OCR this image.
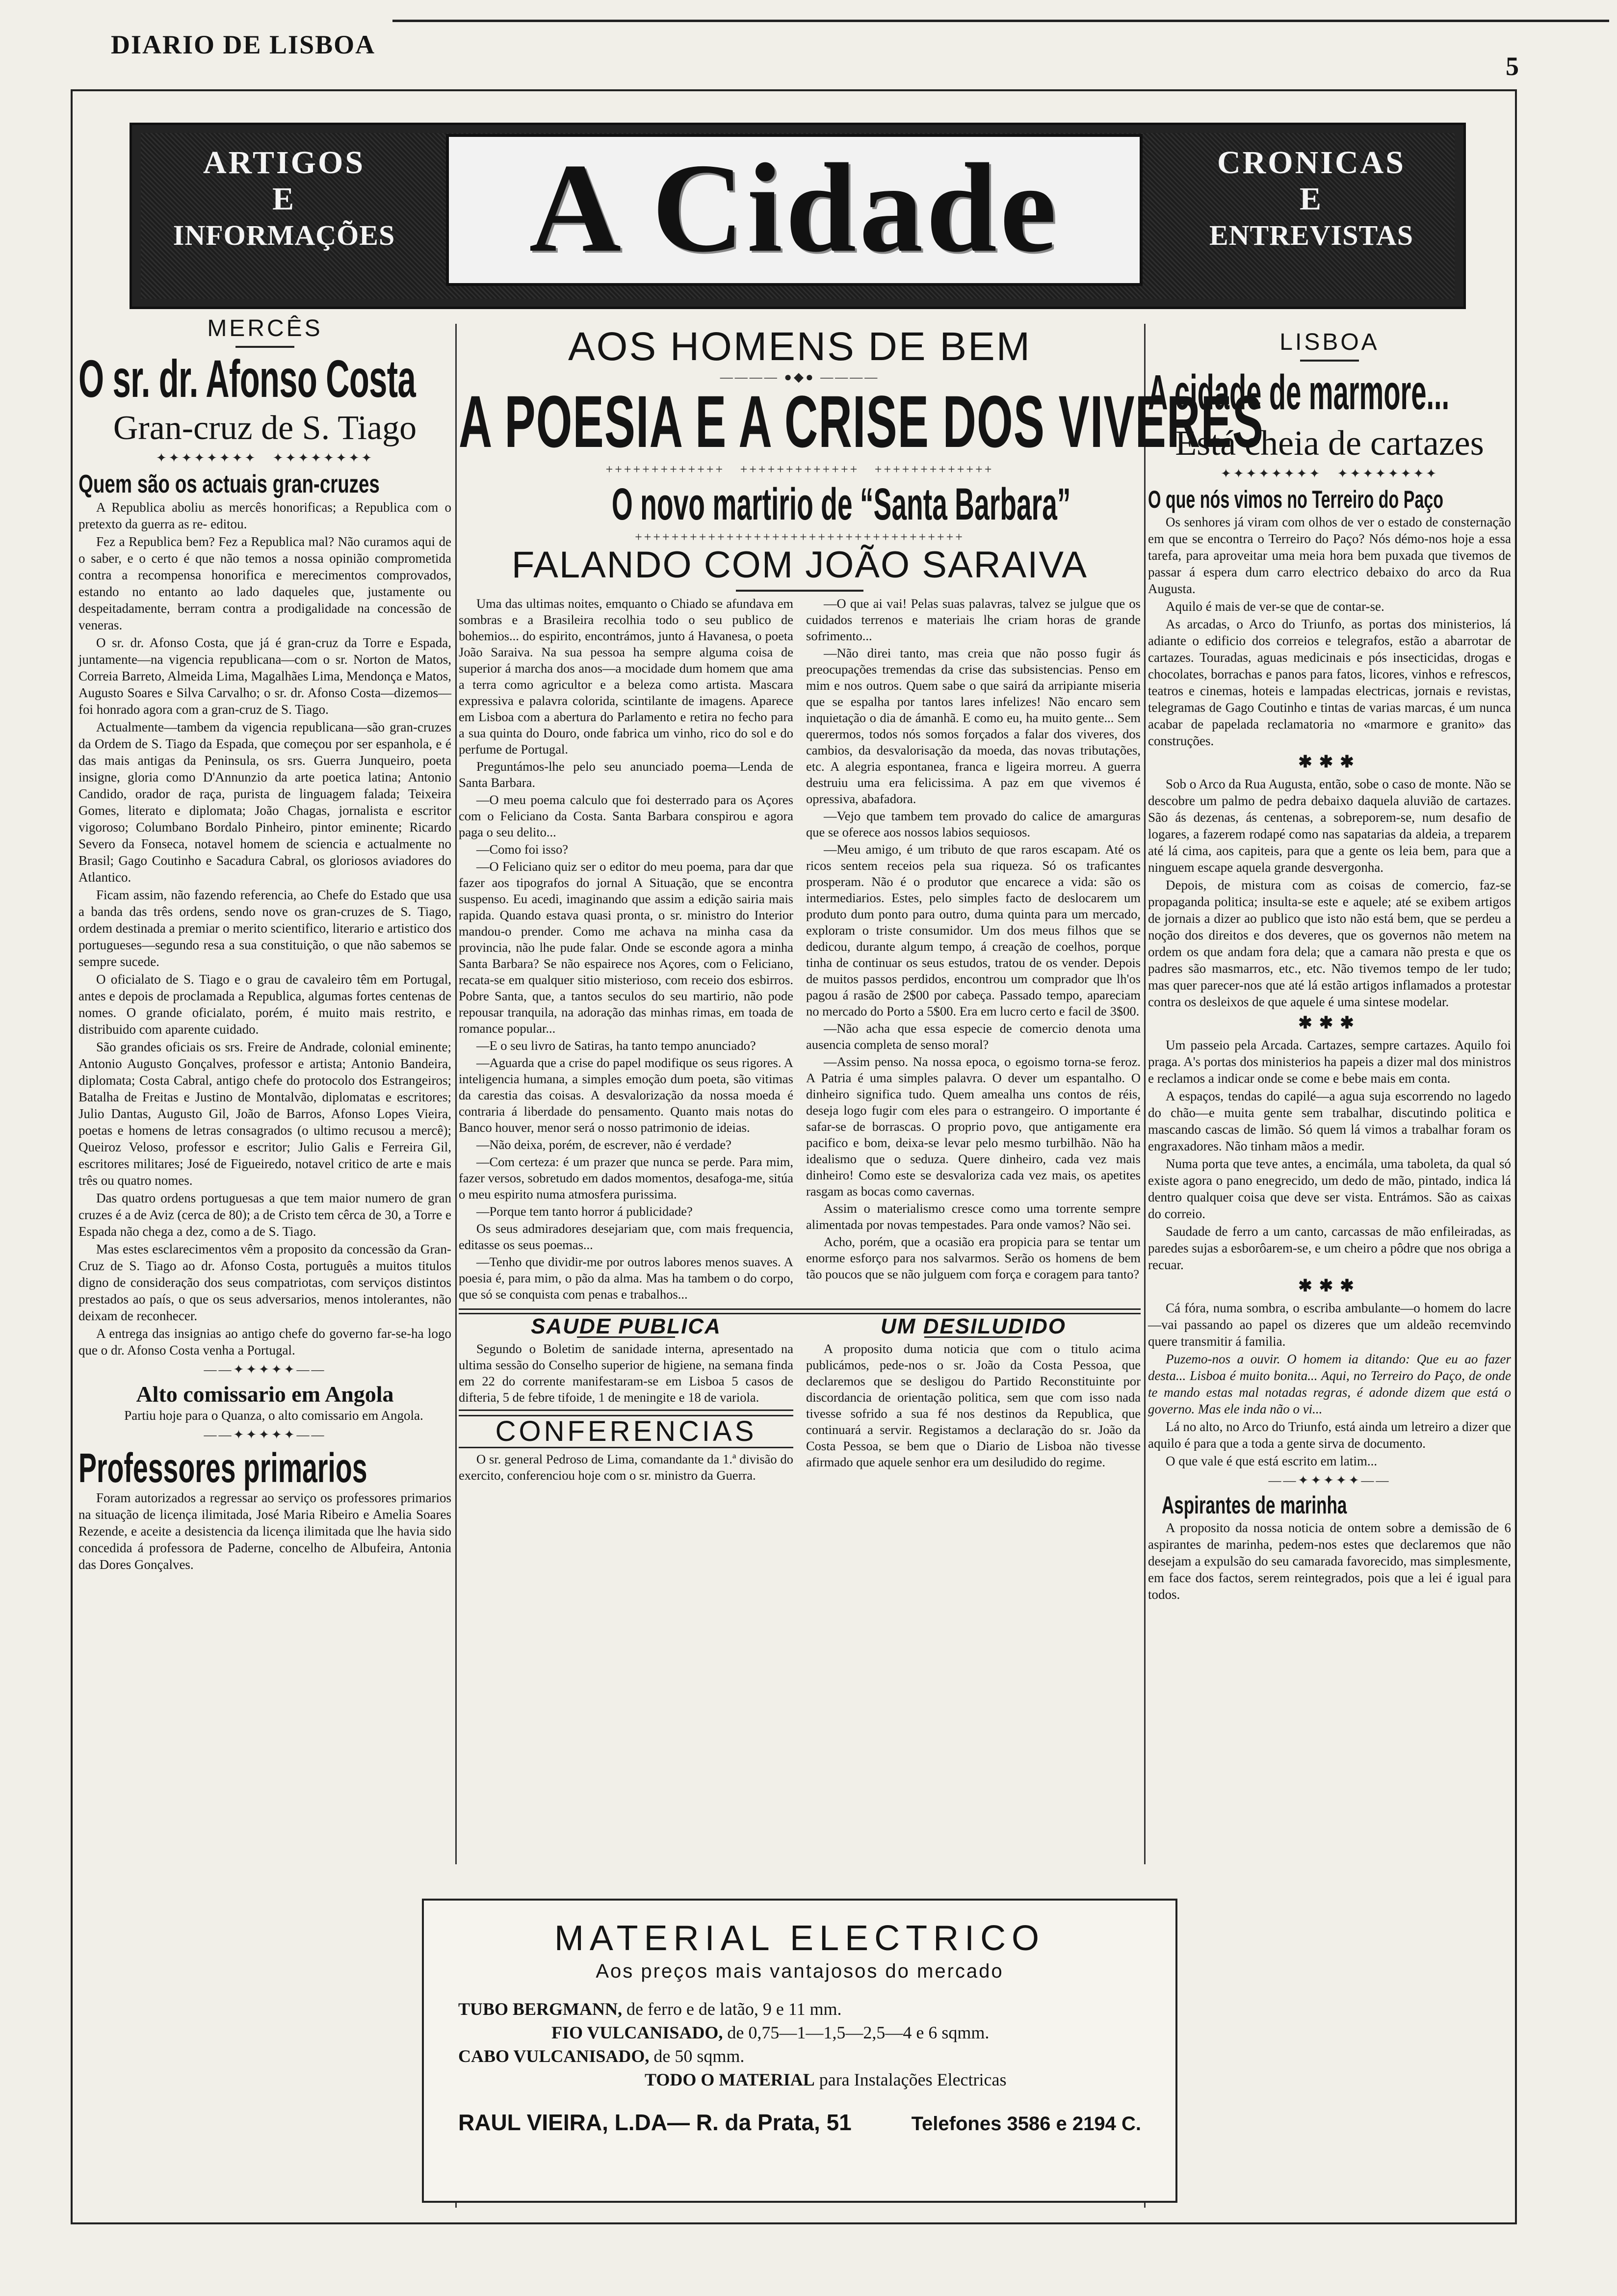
DIARIO DE LISBOA
5
ARTIGOS
E
INFORMAÇÕES	A Cidade	CRONICAS
E
ENTREVISTAS
MERCÊS
O sr. dr. Afonso Costa
Gran-cruz de S. Tiago
✦✦✦✦✦✦✦✦   ✦✦✦✦✦✦✦✦
Quem são os actuais gran-cruzes

A Republica aboliu as mercês honorificas; a Republica com o pretexto da guerra as re- editou.

Fez a Republica bem? Fez a Republica mal? Não curamos aqui de o saber, e o certo é que não temos a nossa opinião comprometida contra a recompensa honorifica e merecimentos comprovados, estando no entanto ao lado daqueles que, justamente ou despeitadamente, berram contra a prodigalidade na concessão de veneras.

O sr. dr. Afonso Costa, que já é gran-cruz da Torre e Espada, juntamente—na vigencia republicana—com o sr. Norton de Matos, Correia Barreto, Almeida Lima, Magalhães Lima, Mendonça e Matos, Augusto Soares e Silva Carvalho; o sr. dr. Afonso Costa—dizemos—foi honrado agora com a gran-cruz de S. Tiago.

Actualmente—tambem da vigencia republicana—são gran-cruzes da Ordem de S. Tiago da Espada, que começou por ser espanhola, e é das mais antigas da Peninsula, os srs. Guerra Junqueiro, poeta insigne, gloria como D'Annunzio da arte poetica latina; Antonio Candido, orador de raça, purista de linguagem falada; Teixeira Gomes, literato e diplomata; João Chagas, jornalista e escritor vigoroso; Columbano Bordalo Pinheiro, pintor eminente; Ricardo Severo da Fonseca, notavel homem de sciencia e actualmente no Brasil; Gago Coutinho e Sacadura Cabral, os gloriosos aviadores do Atlantico.

Ficam assim, não fazendo referencia, ao Chefe do Estado que usa a banda das três ordens, sendo nove os gran-cruzes de S. Tiago, ordem destinada a premiar o merito scientifico, literario e artistico dos portugueses—segundo resa a sua constituição, o que não sabemos se sempre sucede.

O oficialato de S. Tiago e o grau de cavaleiro têm em Portugal, antes e depois de proclamada a Republica, algumas fortes centenas de nomes. O grande oficialato, porém, é muito mais restrito, e distribuido com aparente cuidado.

São grandes oficiais os srs. Freire de Andrade, colonial eminente; Antonio Augusto Gonçalves, professor e artista; Antonio Bandeira, diplomata; Costa Cabral, antigo chefe do protocolo dos Estrangeiros; Batalha de Freitas e Justino de Montalvão, diplomatas e escritores; Julio Dantas, Augusto Gil, João de Barros, Afonso Lopes Vieira, poetas e homens de letras consagrados (o ultimo recusou a mercê); Queiroz Veloso, professor e escritor; Julio Galis e Ferreira Gil, escritores militares; José de Figueiredo, notavel critico de arte e mais três ou quatro nomes.

Das quatro ordens portuguesas a que tem maior numero de gran cruzes é a de Aviz (cerca de 80); a de Cristo tem cêrca de 30, a Torre e Espada não chega a dez, como a de S. Tiago.

Mas estes esclarecimentos vêm a proposito da concessão da Gran-Cruz de S. Tiago ao dr. Afonso Costa, português a muitos titulos digno de consideração dos seus compatriotas, com serviços distintos prestados ao país, o que os seus adversarios, menos intolerantes, não deixam de reconhecer.

A entrega das insignias ao antigo chefe do governo far-se-ha logo que o dr. Afonso Costa venha a Portugal.

——✦✦✦✦✦——
Alto comissario em Angola

Partiu hoje para o Quanza, o alto comissario em Angola.

——✦✦✦✦✦——
Professores primarios

Foram autorizados a regressar ao serviço os professores primarios na situação de licença ilimitada, José Maria Ribeiro e Amelia Soares Rezende, e aceite a desistencia da licença ilimitada que lhe havia sido concedida á professora de Paderne, concelho de Albufeira, Antonia das Dores Gonçalves.

AOS HOMENS DE BEM
———— ●◆● ————
A POESIA E A CRISE DOS VIVERES
+++++++++++++   +++++++++++++   +++++++++++++
O novo martirio de “Santa Barbara”
++++++++++++++++++++++++++++++++++++
FALANDO COM JOÃO SARAIVA

Uma das ultimas noites, emquanto o Chiado se afundava em sombras e a Brasileira recolhia todo o seu publico de bohemios... do espirito, encontrámos, junto á Havanesa, o poeta João Saraiva. Na sua pessoa ha sempre alguma coisa de superior á marcha dos anos—a mocidade dum homem que ama a terra como agricultor e a beleza como artista. Mascara expressiva e palavra colorida, scintilante de imagens. Aparece em Lisboa com a abertura do Parlamento e retira no fecho para a sua quinta do Douro, onde fabrica um vinho, rico do sol e do perfume de Portugal.

Preguntámos-lhe pelo seu anunciado poema—Lenda de Santa Barbara.

—O meu poema calculo que foi desterrado para os Açores com o Feliciano da Costa. Santa Barbara conspirou e agora paga o seu delito...

—Como foi isso?

—O Feliciano quiz ser o editor do meu poema, para dar que fazer aos tipografos do jornal A Situação, que se encontra suspenso. Eu acedi, imaginando que assim a edição sairia mais rapida. Quando estava quasi pronta, o sr. ministro do Interior mandou-o prender. Como me achava na minha casa da provincia, não lhe pude falar. Onde se esconde agora a minha Santa Barbara? Se não espairece nos Açores, com o Feliciano, recata-se em qualquer sitio misterioso, com receio dos esbirros. Pobre Santa, que, a tantos seculos do seu martirio, não pode repousar tranquila, na adoração das minhas rimas, em toada de romance popular...

—E o seu livro de Satiras, ha tanto tempo anunciado?

—Aguarda que a crise do papel modifique os seus rigores. A inteligencia humana, a simples emoção dum poeta, são vitimas da carestia das coisas. A desvalorização da nossa moeda é contraria á liberdade do pensamento. Quanto mais notas do Banco houver, menor será o nosso patrimonio de ideias.

—Não deixa, porém, de escrever, não é verdade?

—Com certeza: é um prazer que nunca se perde. Para mim, fazer versos, sobretudo em dados momentos, desafoga-me, sitúa o meu espirito numa atmosfera purissima.

—Porque tem tanto horror á publicidade?

Os seus admiradores desejariam que, com mais frequencia, editasse os seus poemas...

—Tenho que dividir-me por outros labores menos suaves. A poesia é, para mim, o pão da alma. Mas ha tambem o do corpo, que só se conquista com penas e trabalhos...

—O que ai vai! Pelas suas palavras, talvez se julgue que os cuidados terrenos e materiais lhe criam horas de grande sofrimento...

—Não direi tanto, mas creia que não posso fugir ás preocupações tremendas da crise das subsistencias. Penso em mim e nos outros. Quem sabe o que sairá da arripiante miseria que se espalha por tantos lares infelizes! Não encaro sem inquietação o dia de ámanhã. E como eu, ha muito gente... Sem querermos, todos nós somos forçados a falar dos viveres, dos cambios, da desvalorisação da moeda, das novas tributações, etc. A alegria espontanea, franca e ligeira morreu. A guerra destruiu uma era felicissima. A paz em que vivemos é opressiva, abafadora.

—Vejo que tambem tem provado do calice de amarguras que se oferece aos nossos labios sequiosos.

—Meu amigo, é um tributo de que raros escapam. Até os ricos sentem receios pela sua riqueza. Só os traficantes prosperam. Não é o produtor que encarece a vida: são os intermediarios. Estes, pelo simples facto de deslocarem um produto dum ponto para outro, duma quinta para um mercado, exploram o triste consumidor. Um dos meus filhos que se dedicou, durante algum tempo, á creação de coelhos, porque tinha de continuar os seus estudos, tratou de os vender. Depois de muitos passos perdidos, encontrou um comprador que lh'os pagou á rasão de 2$00 por cabeça. Passado tempo, apareciam no mercado do Porto a 5$00. Era em lucro certo e facil de 3$00.

—Não acha que essa especie de comercio denota uma ausencia completa de senso moral?

—Assim penso. Na nossa epoca, o egoismo torna-se feroz. A Patria é uma simples palavra. O dever um espantalho. O dinheiro significa tudo. Quem amealha uns contos de réis, deseja logo fugir com eles para o estrangeiro. O importante é safar-se de borrascas. O proprio povo, que antigamente era pacifico e bom, deixa-se levar pelo mesmo turbilhão. Não ha idealismo que o seduza. Quere dinheiro, cada vez mais dinheiro! Como este se desvaloriza cada vez mais, os apetites rasgam as bocas como cavernas.

Assim o materialismo cresce como uma torrente sempre alimentada por novas tempestades. Para onde vamos? Não sei.

Acho, porém, que a ocasião era propicia para se tentar um enorme esforço para nos salvarmos. Serão os homens de bem tão poucos que se não julguem com força e coragem para tanto?

SAUDE PUBLICA

Segundo o Boletim de sanidade interna, apresentado na ultima sessão do Conselho superior de higiene, na semana finda em 22 do corrente manifestaram-se em Lisboa 5 casos de difteria, 5 de febre tifoide, 1 de meningite e 18 de variola.

CONFERENCIAS

O sr. general Pedroso de Lima, comandante da 1.ª divisão do exercito, conferenciou hoje com o sr. ministro da Guerra.

UM DESILUDIDO

A proposito duma noticia que com o titulo acima publicámos, pede-nos o sr. João da Costa Pessoa, que declaremos que se desligou do Partido Reconstituinte por discordancia de orientação politica, sem que com isso nada tivesse sofrido a sua fé nos destinos da Republica, que continuará a servir. Registamos a declaração do sr. João da Costa Pessoa, se bem que o Diario de Lisboa não tivesse afirmado que aquele senhor era um desiludido do regime.

MATERIAL ELECTRICO
Aos preços mais vantajosos do mercado
TUBO BERGMANN, de ferro e de latão, 9 e 11 mm.
FIO VULCANISADO, de 0,75—1—1,5—2,5—4 e 6 sqmm.
CABO VULCANISADO, de 50 sqmm.
TODO O MATERIAL para Instalações Electricas
RAUL VIEIRA, L.DA— R. da Prata, 51	Telefones 3586 e 2194 C.
LISBOA
A cidade de marmore...
Está cheia de cartazes
✦✦✦✦✦✦✦✦   ✦✦✦✦✦✦✦✦
O que nós vimos no Terreiro do Paço

Os senhores já viram com olhos de ver o estado de consternação em que se encontra o Terreiro do Paço? Nós démo-nos hoje a essa tarefa, para aproveitar uma meia hora bem puxada que tivemos de passar á espera dum carro electrico debaixo do arco da Rua Augusta.

Aquilo é mais de ver-se que de contar-se.

As arcadas, o Arco do Triunfo, as portas dos ministerios, lá adiante o edificio dos correios e telegrafos, estão a abarrotar de cartazes. Touradas, aguas medicinais e pós insecticidas, drogas e chocolates, borrachas e panos para fatos, licores, vinhos e refrescos, teatros e cinemas, hoteis e lampadas electricas, jornais e revistas, telegramas de Gago Coutinho e tintas de varias marcas, é um nunca acabar de papelada reclamatoria no «marmore e granito» das construções.

✱✱✱

Sob o Arco da Rua Augusta, então, sobe o caso de monte. Não se descobre um palmo de pedra debaixo daquela aluvião de cartazes. São ás dezenas, ás centenas, a sobreporem-se, num desafio de logares, a fazerem rodapé como nas sapatarias da aldeia, a treparem até lá cima, aos capiteis, para que a gente os leia bem, para que a ninguem escape aquela grande desvergonha.

Depois, de mistura com as coisas de comercio, faz-se propaganda politica; insulta-se este e aquele; até se exibem artigos de jornais a dizer ao publico que isto não está bem, que se perdeu a noção dos direitos e dos deveres, que os governos não metem na ordem os que andam fora dela; que a camara não presta e que os padres são masmarros, etc., etc. Não tivemos tempo de ler tudo; mas quer parecer-nos que até lá estão artigos inflamados a protestar contra os desleixos de que aquele é uma sintese modelar.

✱✱✱

Um passeio pela Arcada. Cartazes, sempre cartazes. Aquilo foi praga. A's portas dos ministerios ha papeis a dizer mal dos ministros e reclamos a indicar onde se come e bebe mais em conta.

A espaços, tendas do capilé—a agua suja escorrendo no lagedo do chão—e muita gente sem trabalhar, discutindo politica e mascando cascas de limão. Só quem lá vimos a trabalhar foram os engraxadores. Não tinham mãos a medir.

Numa porta que teve antes, a encimála, uma taboleta, da qual só existe agora o pano enegrecido, um dedo de mão, pintado, indica lá dentro qualquer coisa que deve ser vista. Entrámos. São as caixas do correio.

Saudade de ferro a um canto, carcassas de mão enfileiradas, as paredes sujas a esborôarem-se, e um cheiro a pôdre que nos obriga a recuar.

✱✱✱

Cá fóra, numa sombra, o escriba ambulante—o homem do lacre—vai passando ao papel os dizeres que um aldeão recemvindo quere transmitir á familia.

Puzemo-nos a ouvir. O homem ia ditando: Que eu ao fazer desta... Lisboa é muito bonita... Aqui, no Terreiro do Paço, de onde te mando estas mal notadas regras, é adonde dizem que está o governo. Mas ele inda não o vi...

Lá no alto, no Arco do Triunfo, está ainda um letreiro a dizer que aquilo é para que a toda a gente sirva de documento.

O que vale é que está escrito em latim...

——✦✦✦✦✦——
Aspirantes de marinha

A proposito da nossa noticia de ontem sobre a demissão de 6 aspirantes de marinha, pedem-nos estes que declaremos que não desejam a expulsão do seu camarada favorecido, mas simplesmente, em face dos factos, serem reintegrados, pois que a lei é igual para todos.
